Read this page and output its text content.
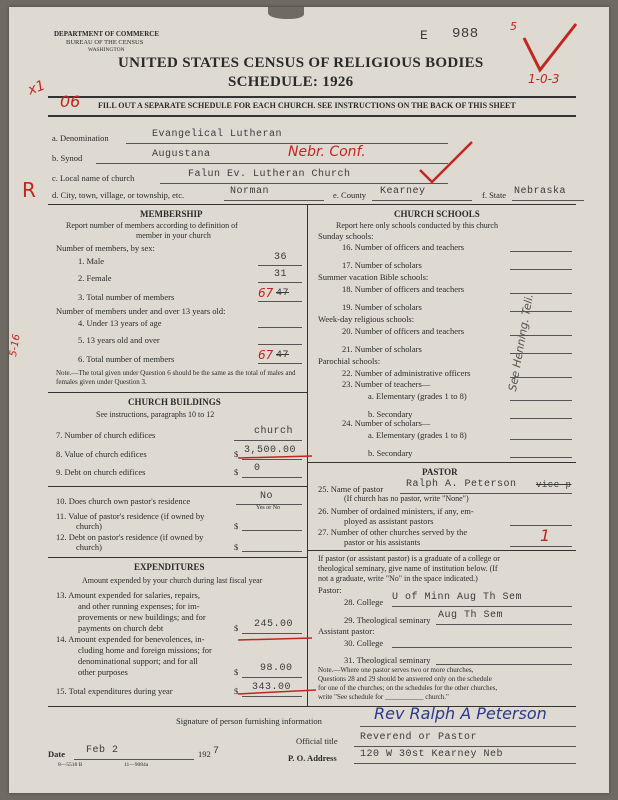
DEPARTMENT OF COMMERCE
BUREAU OF THE CENSUS
WASHINGTON
E 988
UNITED STATES CENSUS OF RELIGIOUS BODIES
SCHEDULE: 1926
FILL OUT A SEPARATE SCHEDULE FOR EACH CHURCH. SEE INSTRUCTIONS ON THE BACK OF THIS SHEET
x1
06
R
5-16
1-0-3
5
a. Denomination	Evangelical Lutheran
b. Synod	Augustana	Nebr. Conf.
c. Local name of church	Falun Ev. Lutheran Church
d. City, town, village, or township, etc.	Norman	e. County Kearney	f. State Nebraska
MEMBERSHIP
Report number of members according to definition of
member in your church
Number of members, by sex:
1. Male	36
2. Female	31
3. Total number of members	67 47
Number of members under and over 13 years old:
4. Under 13 years of age
5. 13 years old and over
6. Total number of members	67 47
Note.—The total given under Question 6 should be the same as the total of males and females given under Question 3.
CHURCH BUILDINGS
See instructions, paragraphs 10 to 12
7. Number of church edifices	church
8. Value of church edifices	$ 3,500.00
9. Debt on church edifices	$ 0
10. Does church own pastor's residence	No
Yes or No
11. Value of pastor's residence (if owned by
church)	$
12. Debt on pastor's residence (if owned by
church)	$
EXPENDITURES
Amount expended by your church during last fiscal year
13. Amount expended for salaries, repairs,
and other running expenses; for im-
provements or new buildings; and for
payments on church debt	$ 245.00
14. Amount expended for benevolences, in-
cluding home and foreign missions; for
denominational support; and for all
other purposes	$ 98.00
15. Total expenditures during year	$ 343.00
CHURCH SCHOOLS
Report here only schools conducted by this church
Sunday schools:
16. Number of officers and teachers
17. Number of scholars
Summer vacation Bible schools:
18. Number of officers and teachers
19. Number of scholars
Week-day religious schools:
20. Number of officers and teachers
21. Number of scholars
Parochial schools:
22. Number of administrative officers
23. Number of teachers—
a. Elementary (grades 1 to 8)
b. Secondary
24. Number of scholars—
a. Elementary (grades 1 to 8)
b. Secondary
See Henning. Teli.
PASTOR
25. Name of pastor Ralph A. Peterson vice p
(If church has no pastor, write "None")
26. Number of ordained ministers, if any, em-
ployed as assistant pastors
27. Number of other churches served by the
pastor or his assistants	1
If pastor (or assistant pastor) is a graduate of a college or
theological seminary, give name of institution below. (If
not a graduate, write "No" in the space indicated.)
Pastor:
28. College U of Minn Aug Th Sem
29. Theological seminary Aug Th Sem
Assistant pastor:
30. College
31. Theological seminary
Note.—Where one pastor serves two or more churches,
Questions 28 and 29 should be answered only on the schedule
for one of the churches; on the schedules for the other churches,
write "See schedule for ___________ church."
Signature of person furnishing information	Rev Ralph A Peterson
Official title Reverend or Pastor
Date Feb 2	192 7
8—5518 B	11—9084a
P. O. Address 120 W 30st Kearney Neb
